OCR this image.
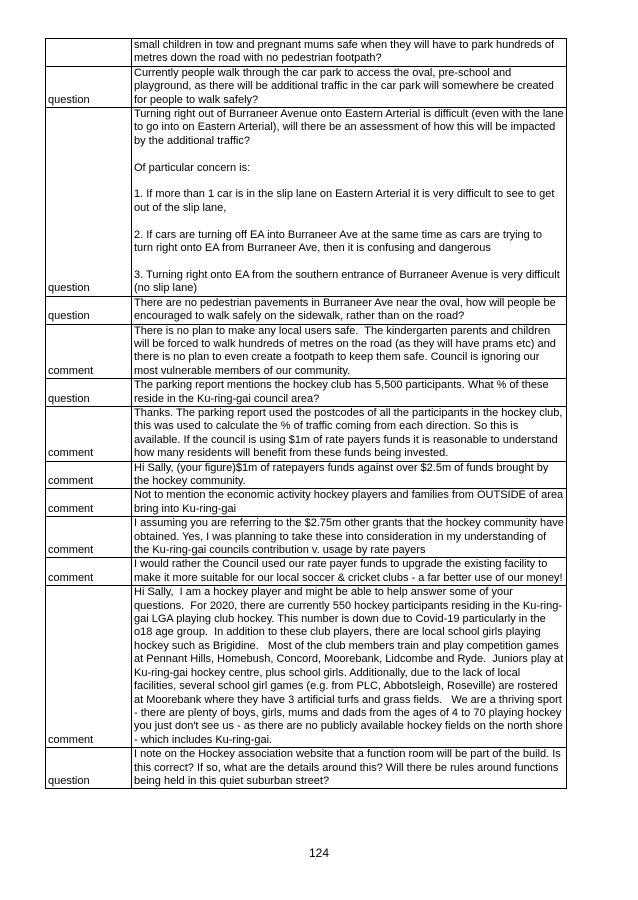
	small children in tow and pregnant mums safe when they will have to park hundreds of metres down the road with no pedestrian footpath?
question	Currently people walk through the car park to access the oval, pre-school and playground, as there will be additional traffic in the car park will somewhere be created for people to walk safely?
question	Turning right out of Burraneer Avenue onto Eastern Arterial is difficult (even with the lane to go into on Eastern Arterial), will there be an assessment of how this will be impacted by the additional traffic?

Of particular concern is:

1. If more than 1 car is in the slip lane on Eastern Arterial it is very difficult to see to get out of the slip lane,

2. If cars are turning off EA into Burraneer Ave at the same time as cars are trying to turn right onto EA from Burraneer Ave, then it is confusing and dangerous

3. Turning right onto EA from the southern entrance of Burraneer Avenue is very difficult (no slip lane)
question	There are no pedestrian pavements in Burraneer Ave near the oval, how will people be encouraged to walk safely on the sidewalk, rather than on the road?
comment	There is no plan to make any local users safe.  The kindergarten parents and children will be forced to walk hundreds of metres on the road (as they will have prams etc) and there is no plan to even create a footpath to keep them safe. Council is ignoring our most vulnerable members of our community.
question	The parking report mentions the hockey club has 5,500 participants. What % of these reside in the Ku-ring-gai council area?
comment	Thanks. The parking report used the postcodes of all the participants in the hockey club, this was used to calculate the % of traffic coming from each direction. So this is available. If the council is using $1m of rate payers funds it is reasonable to understand how many residents will benefit from these funds being invested.
comment	Hi Sally, (your figure)$1m of ratepayers funds against over $2.5m of funds brought by the hockey community.
comment	Not to mention the economic activity hockey players and families from OUTSIDE of area bring into Ku-ring-gai
comment	I assuming you are referring to the $2.75m other grants that the hockey community have obtained. Yes, I was planning to take these into consideration in my understanding of the Ku-ring-gai councils contribution v. usage by rate payers
comment	I would rather the Council used our rate payer funds to upgrade the existing facility to make it more suitable for our local soccer & cricket clubs - a far better use of our money!
comment	Hi Sally,  I am a hockey player and might be able to help answer some of your questions.  For 2020, there are currently 550 hockey participants residing in the Ku-ring-gai LGA playing club hockey. This number is down due to Covid-19 particularly in the o18 age group.  In addition to these club players, there are local school girls playing hockey such as Brigidine.   Most of the club members train and play competition games at Pennant Hills, Homebush, Concord, Moorebank, Lidcombe and Ryde.  Juniors play at Ku-ring-gai hockey centre, plus school girls. Additionally, due to the lack of local facilities, several school girl games (e.g. from PLC, Abbotsleigh, Roseville) are rostered at Moorebank where they have 3 artificial turfs and grass fields.   We are a thriving sport - there are plenty of boys, girls, mums and dads from the ages of 4 to 70 playing hockey you just don't see us - as there are no publicly available hockey fields on the north shore - which includes Ku-ring-gai.
question	I note on the Hockey association website that a function room will be part of the build. Is this correct? If so, what are the details around this? Will there be rules around functions being held in this quiet suburban street?
124
